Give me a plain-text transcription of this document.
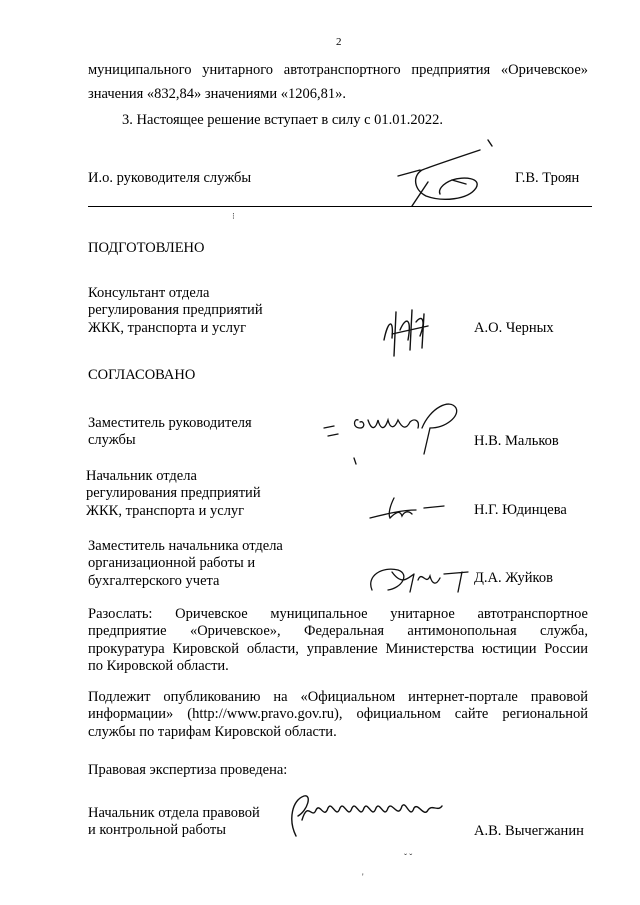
2
муниципального унитарного автотранспортного предприятия «Оричевское»
значения «832,84» значениями «1206,81».
3. Настоящее решение вступает в силу с 01.01.2022.
И.о. руководителя службы	Г.В. Троян
⁝
ПОДГОТОВЛЕНО
Консультант отдела
регулирования предприятий
ЖКК, транспорта и услуг	А.О. Черных
СОГЛАСОВАНО
Заместитель руководителя
службы	Н.В. Мальков
Начальник отдела
регулирования предприятий
ЖКК, транспорта и услуг	Н.Г. Юдинцева
Заместитель начальника отдела
организационной работы и
бухгалтерского учета	Д.А. Жуйков
Разослать: Оричевское муниципальное унитарное автотранспортное
предприятие «Оричевское», Федеральная антимонопольная служба,
прокуратура Кировской области, управление Министерства юстиции России
по Кировской области.
Подлежит опубликованию на «Официальном интернет-портале правовой
информации» (http://www.pravo.gov.ru), официальном сайте региональной
службы по тарифам Кировской области.
Правовая экспертиза проведена:
Начальник отдела правовой
и контрольной работы	А.В. Вычегжанин
ˇ ˇ
'
